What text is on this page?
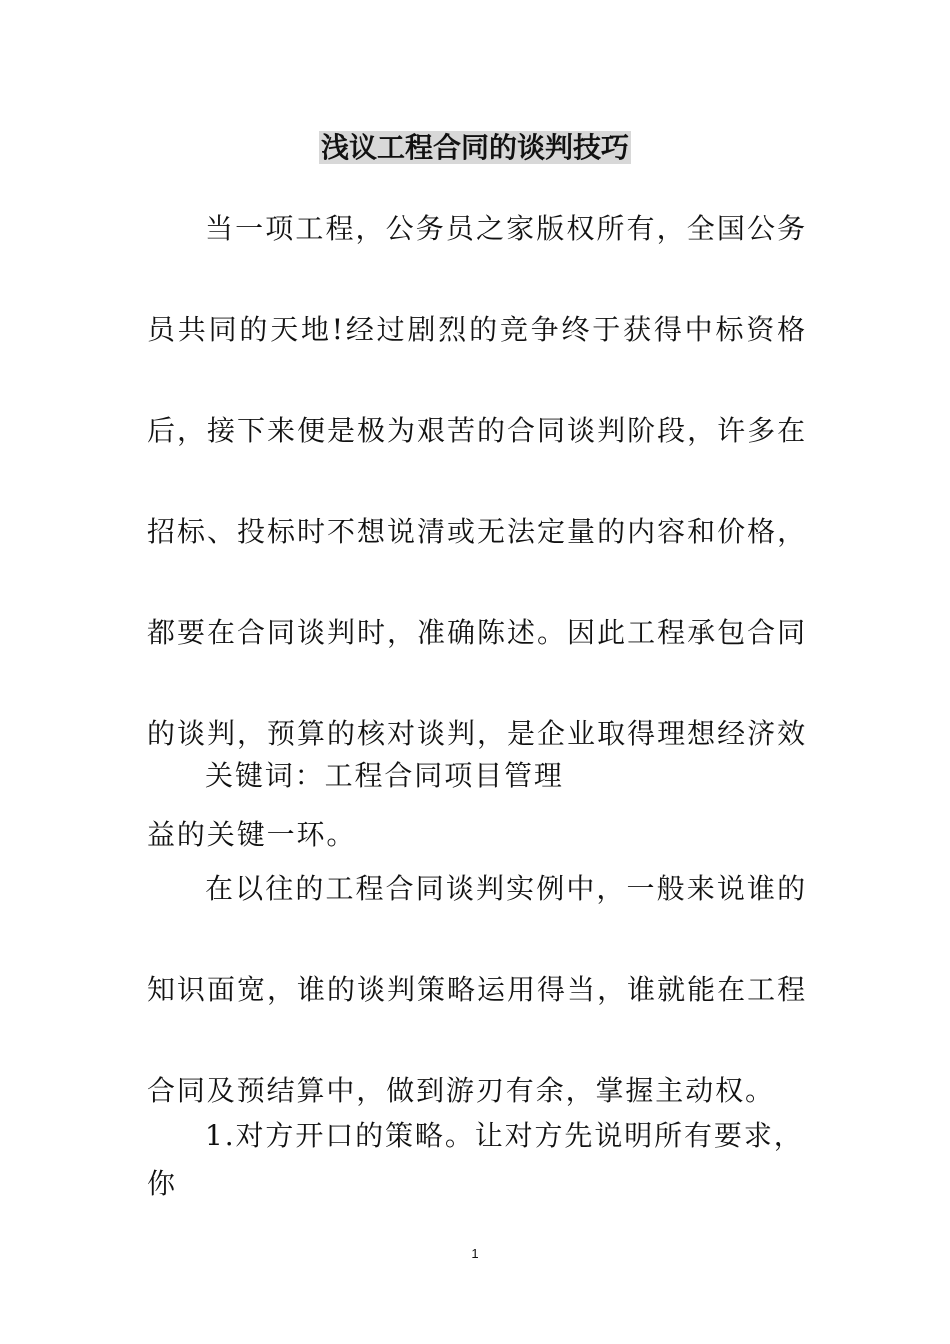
浅议工程合同的谈判技巧

当一项工程，公务员之家版权所有，全国公务员共同的天地!经过剧烈的竞争终于获得中标资格后，接下来便是极为艰苦的合同谈判阶段，许多在招标、投标时不想说清或无法定量的内容和价格，都要在合同谈判时，准确陈述。因此工程承包合同的谈判，预算的核对谈判，是企业取得理想经济效益的关键一环。

关键词：工程合同项目管理

在以往的工程合同谈判实例中，一般来说谁的知识面宽，谁的谈判策略运用得当，谁就能在工程合同及预结算中，做到游刃有余，掌握主动权。

1.对方开口的策略。让对方先说明所有要求，你

1
